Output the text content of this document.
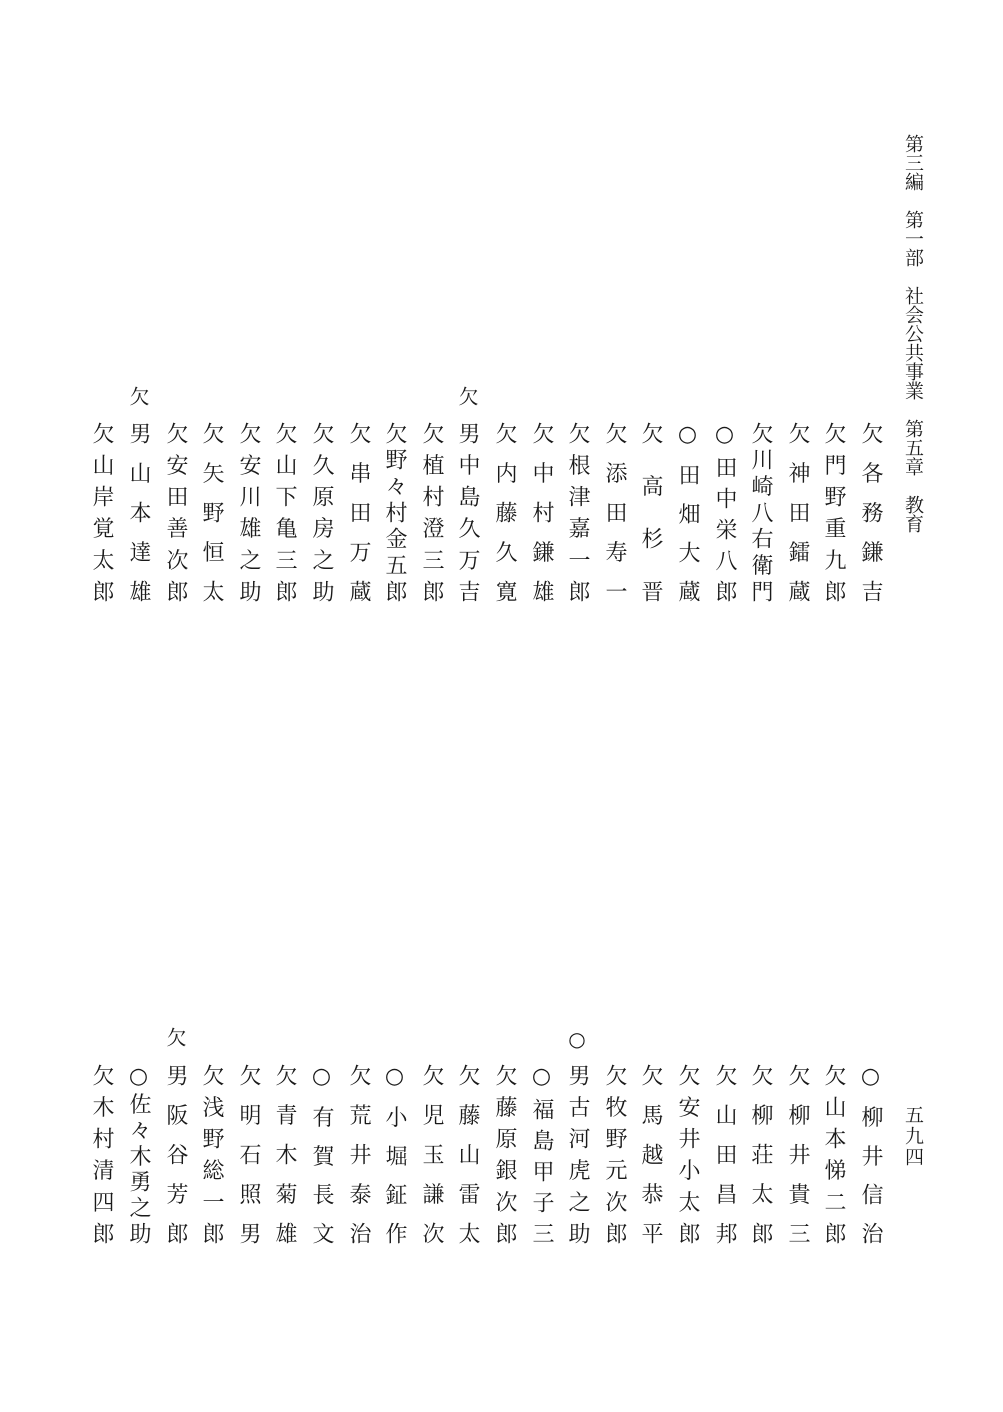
第三編　第一部　社会公共事業　第五章　教育
五九四
欠各務鎌吉
欠門野重九郎
欠神田鐳蔵
欠川崎八右衛門
○田中栄八郎
○田畑大蔵
欠高杉晋
欠添田寿一
欠根津嘉一郎
欠中村鎌雄
欠内藤久寛
欠
男中島久万吉
欠植村澄三郎
欠野々村金五郎
欠串田万蔵
欠久原房之助
欠山下亀三郎
欠安川雄之助
欠矢野恒太
欠安田善次郎
欠
男山本達雄
欠山岸覚太郎
○柳井信治
欠山本悌二郎
欠柳井貴三
欠柳荘太郎
欠山田昌邦
欠安井小太郎
欠馬越恭平
欠牧野元次郎
○
男古河虎之助
○福島甲子三
欠藤原銀次郎
欠藤山雷太
欠児玉謙次
○小堀鉦作
欠荒井泰治
○有賀長文
欠青木菊雄
欠明石照男
欠浅野総一郎
欠
男阪谷芳郎
○佐々木勇之助
欠木村清四郎
